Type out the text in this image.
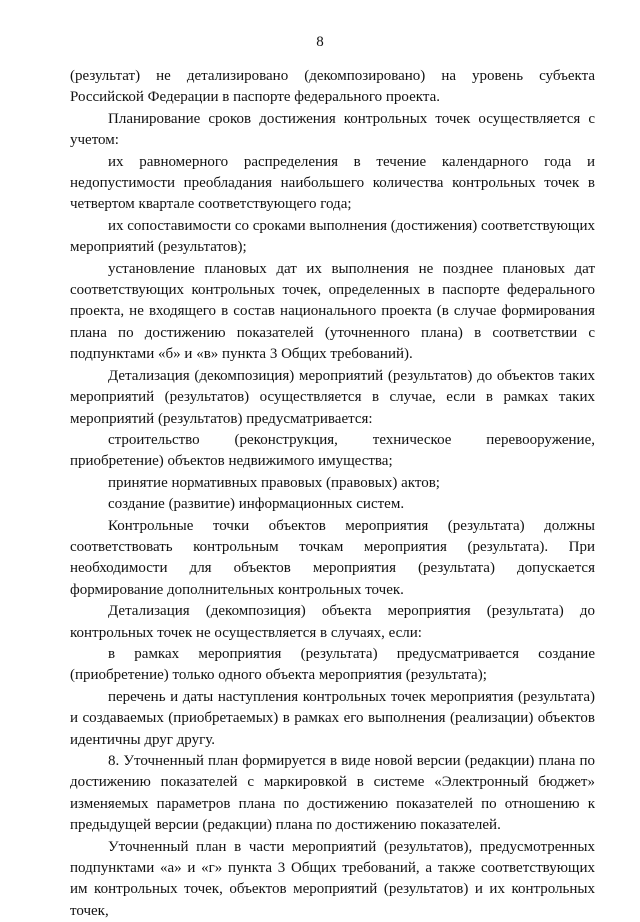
8

(результат) не детализировано (декомпозировано) на уровень субъекта Российской Федерации в паспорте федерального проекта.

Планирование сроков достижения контрольных точек осуществляется с учетом:

их равномерного распределения в течение календарного года и недопустимости преобладания наибольшего количества контрольных точек в четвертом квартале соответствующего года;

их сопоставимости со сроками выполнения (достижения) соответствующих мероприятий (результатов);

установление плановых дат их выполнения не позднее плановых дат соответствующих контрольных точек, определенных в паспорте федерального проекта, не входящего в состав национального проекта (в случае формирования плана по достижению показателей (уточненного плана) в соответствии с подпунктами «б» и «в» пункта 3 Общих требований).

Детализация (декомпозиция) мероприятий (результатов) до объектов таких мероприятий (результатов) осуществляется в случае, если в рамках таких мероприятий (результатов) предусматривается:

строительство (реконструкция, техническое перевооружение, приобретение) объектов недвижимого имущества;

принятие нормативных правовых (правовых) актов;

создание (развитие) информационных систем.

Контрольные точки объектов мероприятия (результата) должны соответствовать контрольным точкам мероприятия (результата). При необходимости для объектов мероприятия (результата) допускается формирование дополнительных контрольных точек.

Детализация (декомпозиция) объекта мероприятия (результата) до контрольных точек не осуществляется в случаях, если:

в рамках мероприятия (результата) предусматривается создание (приобретение) только одного объекта мероприятия (результата);

перечень и даты наступления контрольных точек мероприятия (результата) и создаваемых (приобретаемых) в рамках его выполнения (реализации) объектов идентичны друг другу.

8. Уточненный план формируется в виде новой версии (редакции) плана по достижению показателей с маркировкой в системе «Электронный бюджет» изменяемых параметров плана по достижению показателей по отношению к предыдущей версии (редакции) плана по достижению показателей.

Уточненный план в части мероприятий (результатов), предусмотренных подпунктами «а» и «г» пункта 3 Общих требований, а также соответствующих им контрольных точек, объектов мероприятий (результатов) и их контрольных точек,
